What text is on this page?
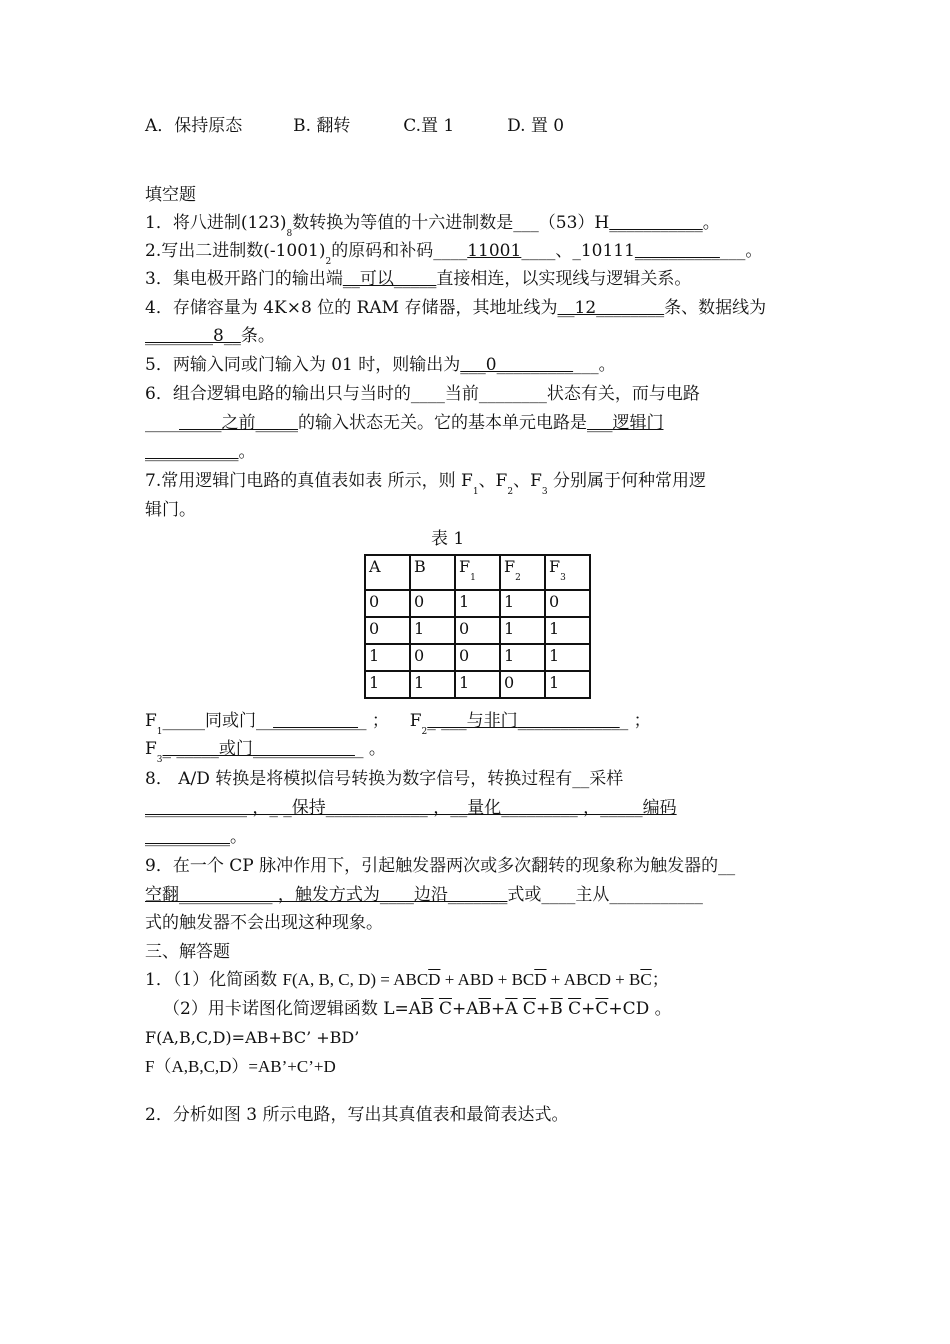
A．保持原态	B. 翻转	C.置 1	D. 置 0
填空题
1．将八进制$(123)_8$数转换为等值的十六进制数是___（53）H___________。
2.写出二进制数$(-1001)_2$的原码和补码____11001____、_10111_____________。
3．集电极开路门的输出端__可以_____直接相连，以实现线与逻辑关系。
4．存储容量为 4K×8 位的 RAM 存储器，其地址线为__12________条、数据线为
________8__条。
5．两输入同或门输入为 01 时，则输出为___0____________。
6．组合逻辑电路的输出只与当时的____当前________状态有关，而与电路
_________之前_____的输入状态无关。它的基本单元电路是___逻辑门
___________。
7.常用逻辑门电路的真值表如表 所示，则 $F_1$、$F_2$、$F_3$ 分别属于何种常用逻
辑门。
表 1
A	B	$F_1$	$F_2$	$F_3$
0	0	1	1	0
0	1	0	1	1
1	0	0	1	1
1	1	1	0	1
$F_1\_\_\_\_\_$同或门_____________ ； $F_2\_$ ___与非门_____________ ；
$F_3\_$ _____或门_____________ 。
8． A/D 转换是将模拟信号转换为数字信号，转换过程有__采样
____________ ，_ _保持____________ ，__量化_________ ，_____编码
__________。
9．在一个 CP 脉冲作用下，引起触发器两次或多次翻转的现象称为触发器的__
空翻___________ ，触发方式为____边沿_______式或____主从___________
式的触发器不会出现这种现象。
三、解答题
1．（1）化简函数 F(A, B, C, $D) = ABC\overline{D}$ + ABD + $BC\overline{D}$ + ABCD + $B\overline{C}$；
（2）用卡诺图化简逻辑函数 $L=A\overline{B}$ $\overline{C}+A\overline{B}+\overline{A}$ $\overline{C}+\overline{B}$ $\overline{C}+\overline{C}+CD$ 。
F(A,B,C,D)=AB+BC’ +BD’
F（A,B,C,D）=AB’+C’+D
2．分析如图 3 所示电路，写出其真值表和最简表达式。
